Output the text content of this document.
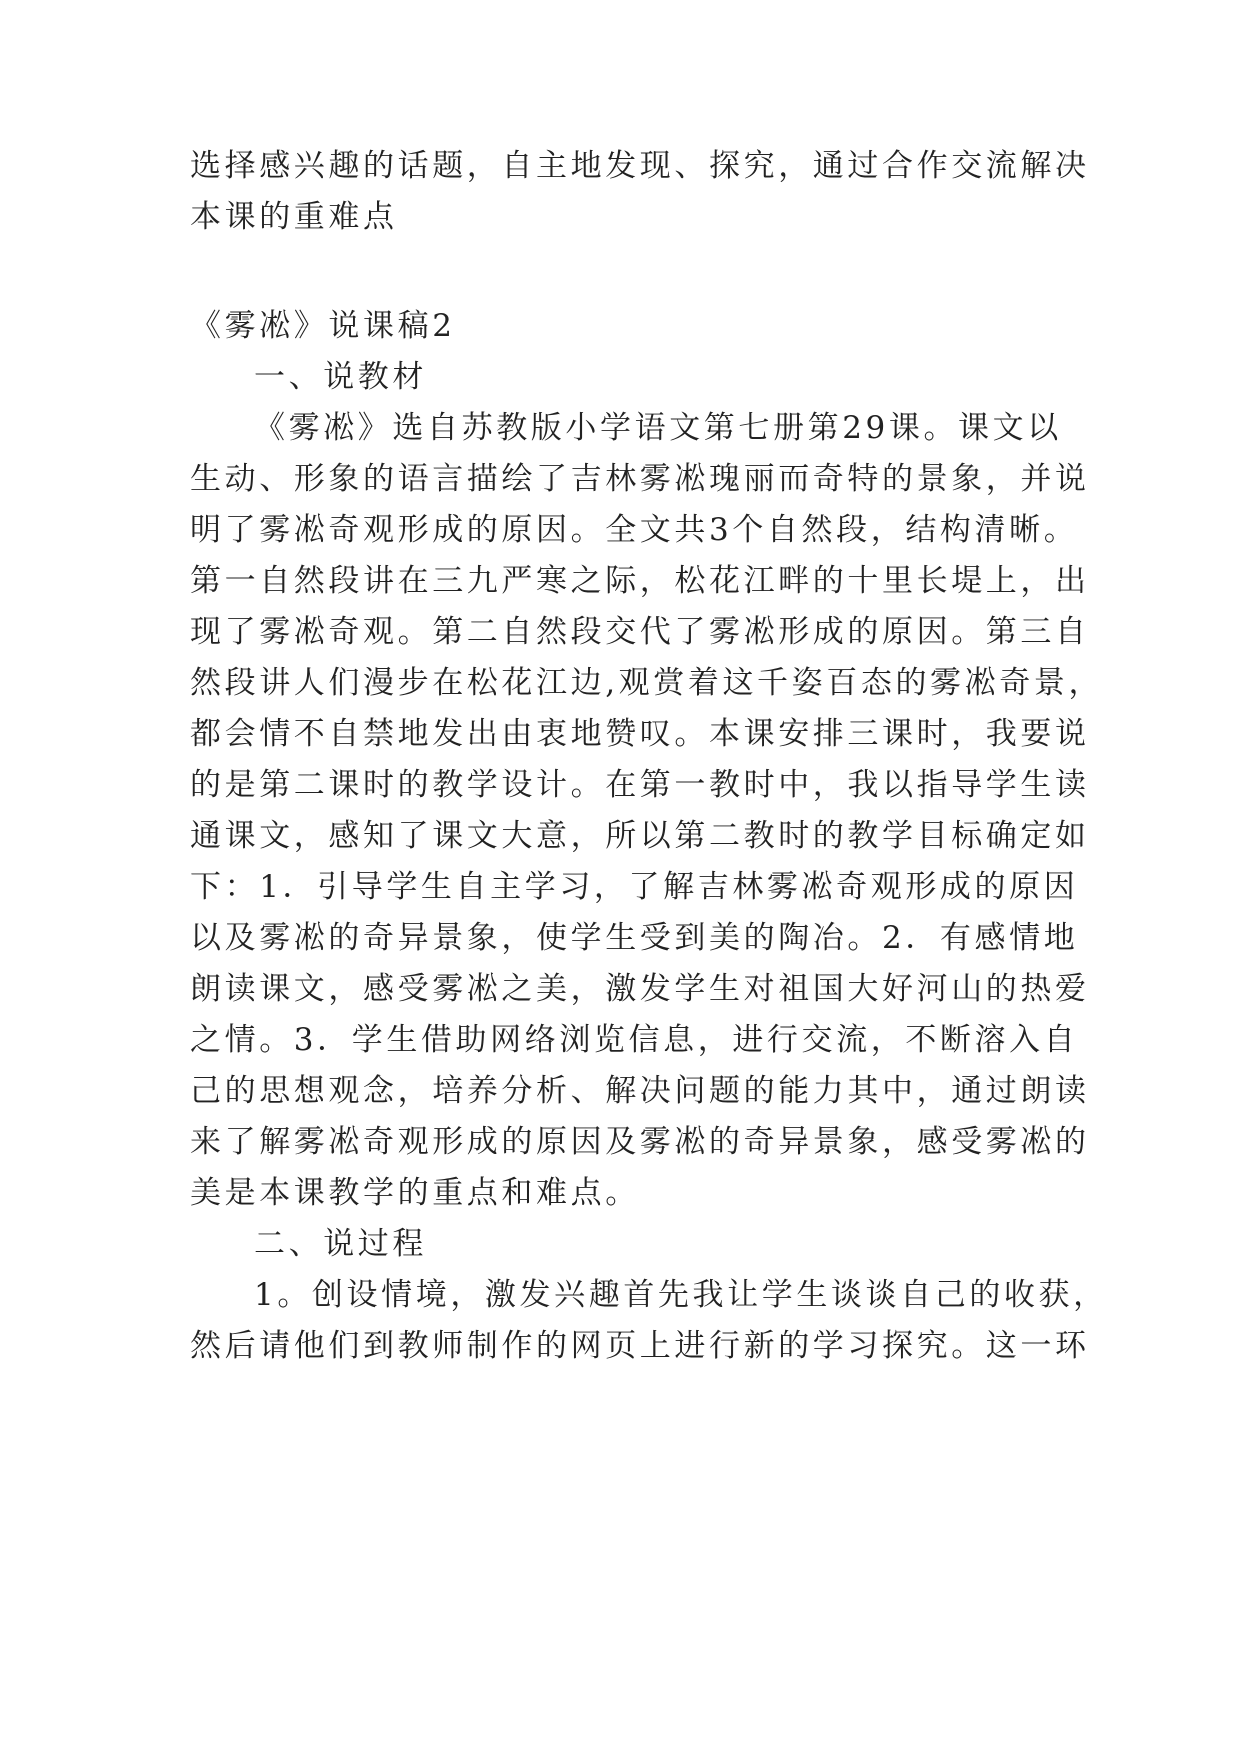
选择感兴趣的话题，自主地发现、探究，通过合作交流解决
本课的重难点
《雾凇》说课稿2
一、说教材
《雾凇》选自苏教版小学语文第七册第29课。课文以
生动、形象的语言描绘了吉林雾凇瑰丽而奇特的景象，并说
明了雾凇奇观形成的原因。全文共3个自然段，结构清晰。
第一自然段讲在三九严寒之际，松花江畔的十里长堤上，出
现了雾凇奇观。第二自然段交代了雾凇形成的原因。第三自
然段讲人们漫步在松花江边,观赏着这千姿百态的雾凇奇景，
都会情不自禁地发出由衷地赞叹。本课安排三课时，我要说
的是第二课时的教学设计。在第一教时中，我以指导学生读
通课文，感知了课文大意，所以第二教时的教学目标确定如
下：1．引导学生自主学习，了解吉林雾凇奇观形成的原因
以及雾凇的奇异景象，使学生受到美的陶冶。2．有感情地
朗读课文，感受雾凇之美，激发学生对祖国大好河山的热爱
之情。3．学生借助网络浏览信息，进行交流，不断溶入自
己的思想观念，培养分析、解决问题的能力其中，通过朗读
来了解雾凇奇观形成的原因及雾凇的奇异景象，感受雾凇的
美是本课教学的重点和难点。
二、说过程
1。创设情境，激发兴趣首先我让学生谈谈自己的收获，
然后请他们到教师制作的网页上进行新的学习探究。这一环
